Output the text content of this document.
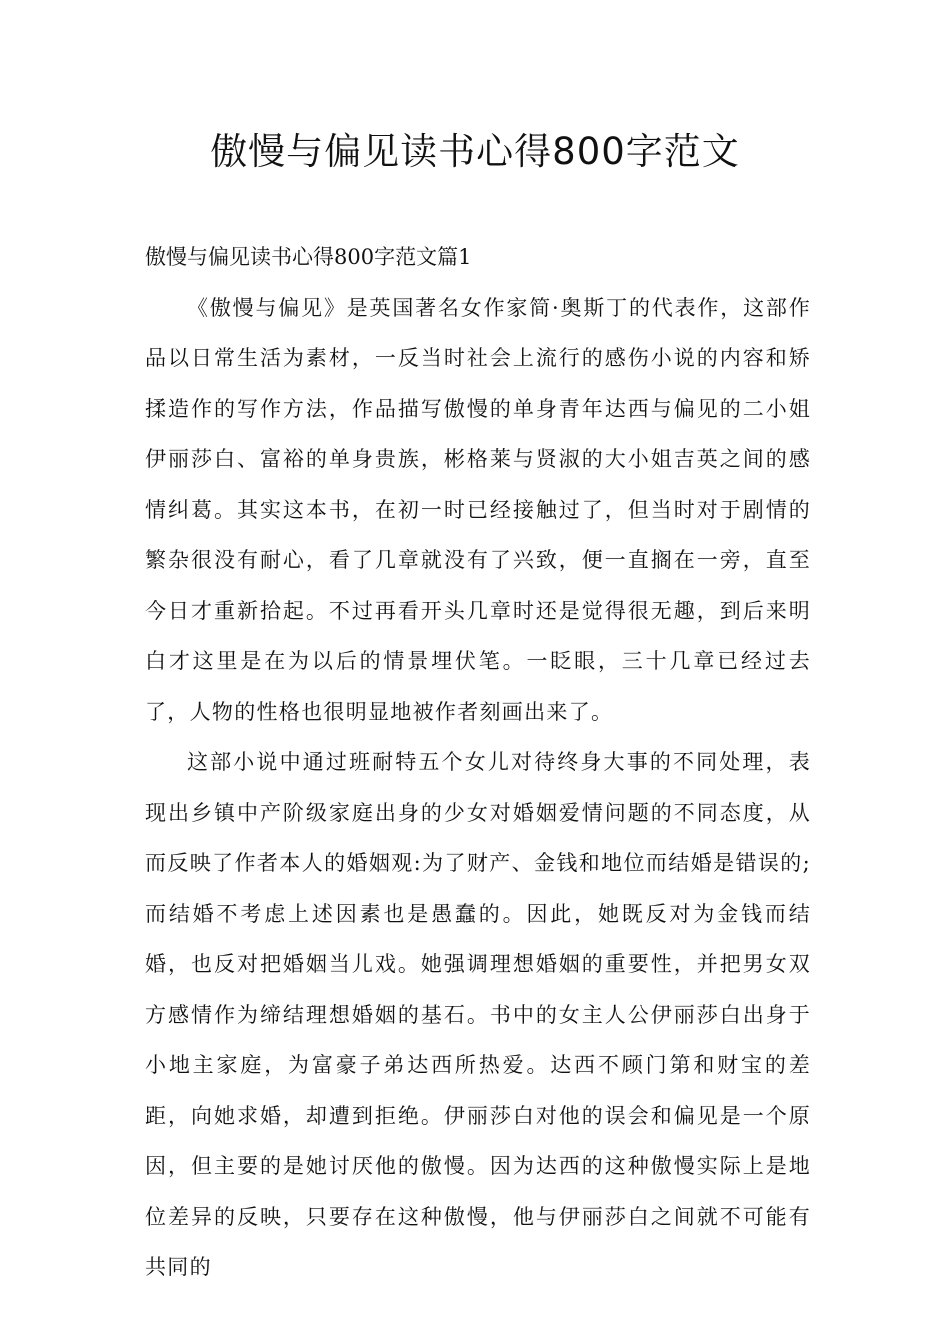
傲慢与偏见读书心得800字范文

傲慢与偏见读书心得800字范文篇1

《傲慢与偏见》是英国著名女作家简·奥斯丁的代表作，这部作品以日常生活为素材，一反当时社会上流行的感伤小说的内容和矫揉造作的写作方法，作品描写傲慢的单身青年达西与偏见的二小姐伊丽莎白、富裕的单身贵族，彬格莱与贤淑的大小姐吉英之间的感情纠葛。其实这本书，在初一时已经接触过了，但当时对于剧情的繁杂很没有耐心，看了几章就没有了兴致，便一直搁在一旁，直至今日才重新拾起。不过再看开头几章时还是觉得很无趣，到后来明白才这里是在为以后的情景埋伏笔。一眨眼，三十几章已经过去了，人物的性格也很明显地被作者刻画出来了。

这部小说中通过班耐特五个女儿对待终身大事的不同处理，表现出乡镇中产阶级家庭出身的少女对婚姻爱情问题的不同态度，从而反映了作者本人的婚姻观:为了财产、金钱和地位而结婚是错误的;而结婚不考虑上述因素也是愚蠢的。因此，她既反对为金钱而结婚，也反对把婚姻当儿戏。她强调理想婚姻的重要性，并把男女双方感情作为缔结理想婚姻的基石。书中的女主人公伊丽莎白出身于小地主家庭，为富豪子弟达西所热爱。达西不顾门第和财宝的差距，向她求婚，却遭到拒绝。伊丽莎白对他的误会和偏见是一个原因，但主要的是她讨厌他的傲慢。因为达西的这种傲慢实际上是地位差异的反映，只要存在这种傲慢，他与伊丽莎白之间就不可能有共同的
